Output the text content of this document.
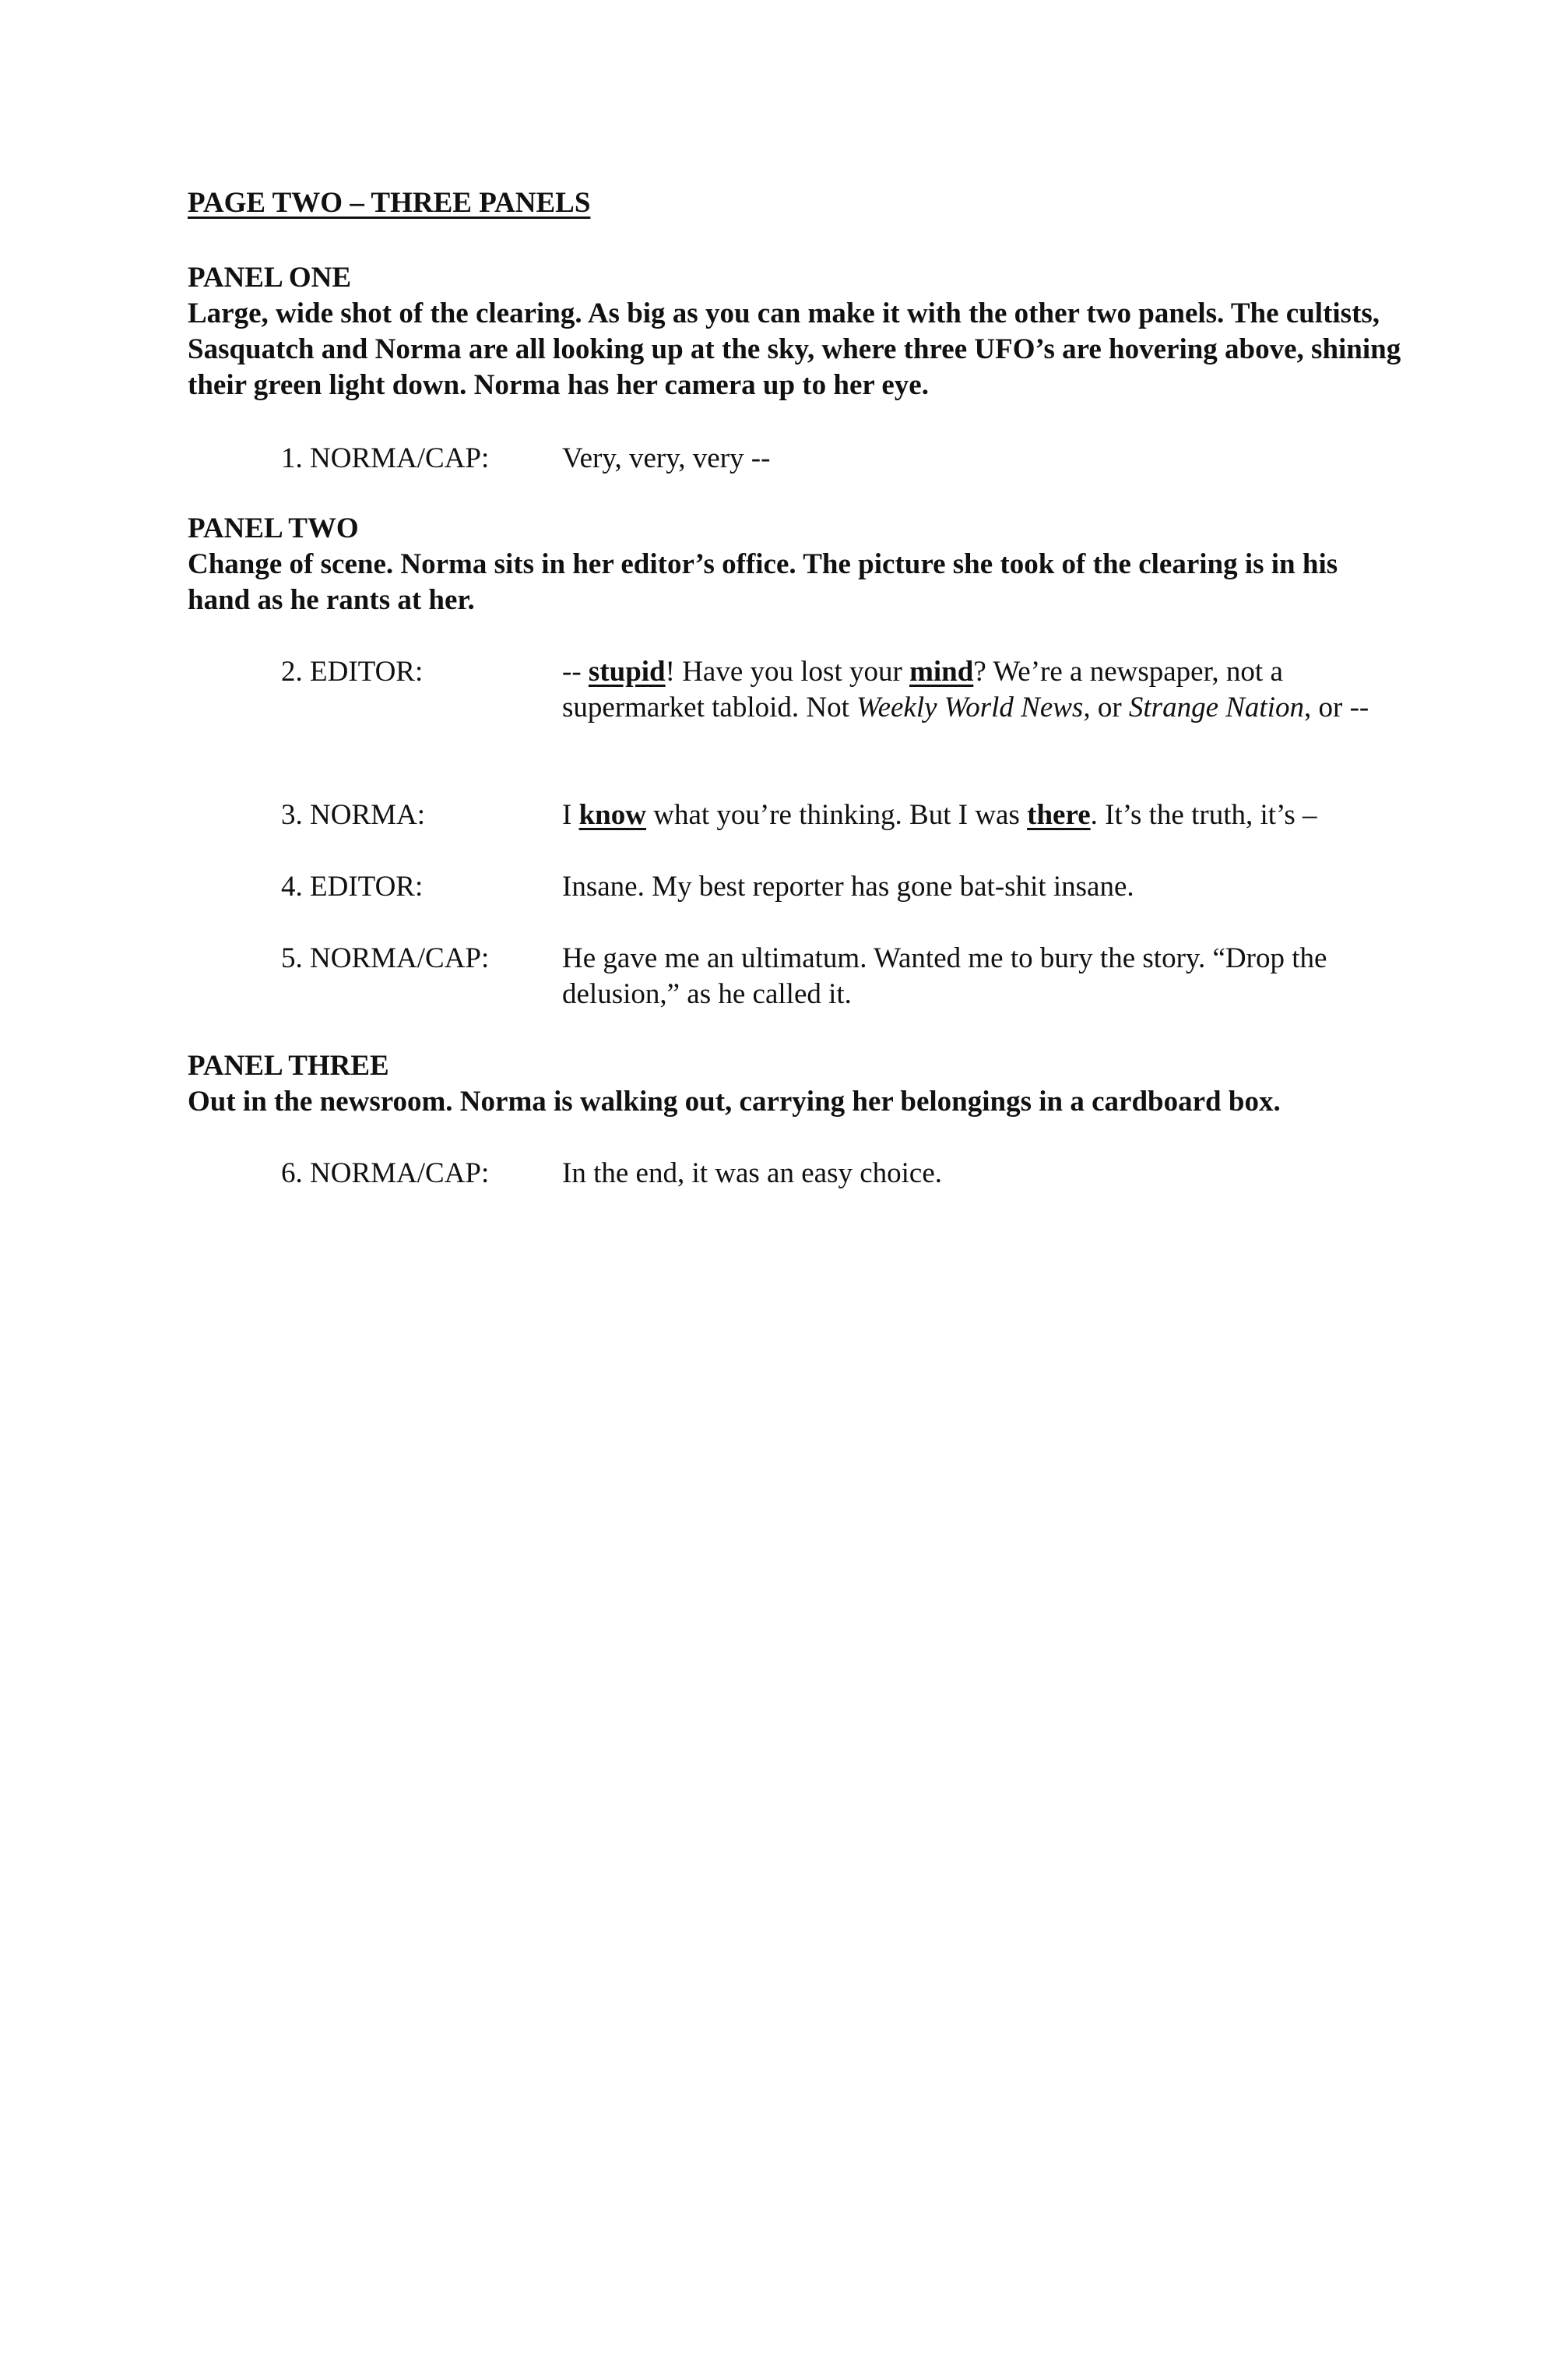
PAGE TWO – THREE PANELS
PANEL ONE

Large, wide shot of the clearing. As big as you can make it with the other two panels. The cultists, Sasquatch and Norma are all looking up at the sky, where three UFO’s are hovering above, shining their green light down. Norma has her camera up to her eye.

1. NORMA/CAP:	Very, very, very --
PANEL TWO

Change of scene. Norma sits in her editor’s office. The picture she took of the clearing is in his hand as he rants at her.

2. EDITOR:	-- stupid! Have you lost your mind? We’re a newspaper, not a supermarket tabloid. Not Weekly World News, or Strange Nation, or --
3. NORMA:	I know what you’re thinking. But I was there. It’s the truth, it’s –
4. EDITOR:	Insane. My best reporter has gone bat-shit insane.
5. NORMA/CAP:	He gave me an ultimatum. Wanted me to bury the story. “Drop the delusion,” as he called it.
PANEL THREE

Out in the newsroom. Norma is walking out, carrying her belongings in a cardboard box.

6. NORMA/CAP:	In the end, it was an easy choice.
